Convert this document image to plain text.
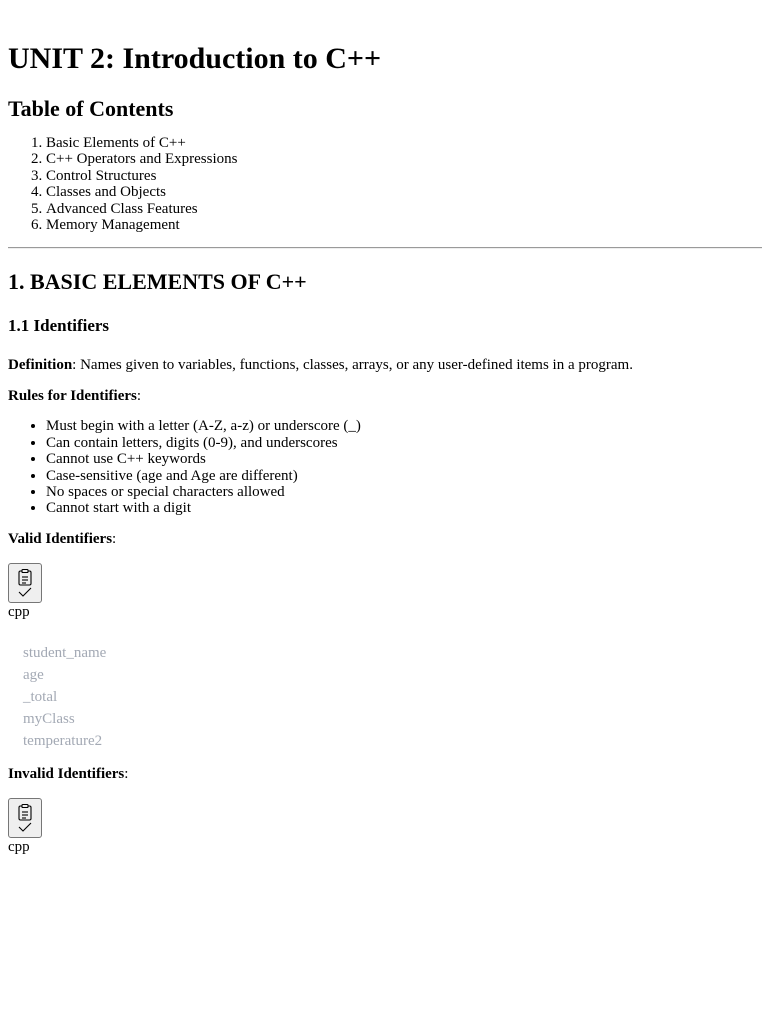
UNIT 2: Introduction to C++
Table of Contents
1. Basic Elements of C++
2. C++ Operators and Expressions
3. Control Structures
4. Classes and Objects
5. Advanced Class Features
6. Memory Management
1. BASIC ELEMENTS OF C++
1.1 Identifiers

Definition: Names given to variables, functions, classes, arrays, or any user-defined items in a program.

Rules for Identifiers:

• Must begin with a letter (A-Z, a-z) or underscore (_)
• Can contain letters, digits (0-9), and underscores
• Cannot use C++ keywords
• Case-sensitive (age and Age are different)
• No spaces or special characters allowed
• Cannot start with a digit

Valid Identifiers:

cpp
student_name
age
_total
myClass
temperature2

Invalid Identifiers:

cpp
